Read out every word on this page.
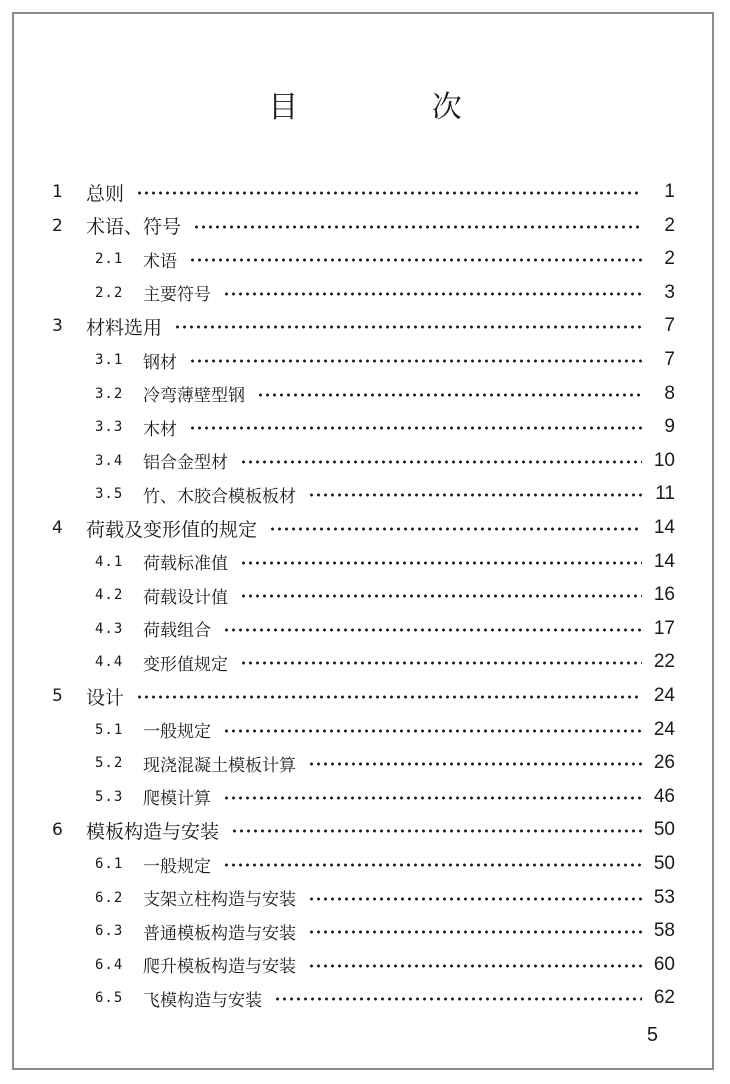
目 次
1	总则	1
2	术语、符号	2
2.1	术语	2
2.2	主要符号	3
3	材料选用	7
3.1	钢材	7
3.2	冷弯薄壁型钢	8
3.3	木材	9
3.4	铝合金型材	10
3.5	竹、木胶合模板板材	11
4	荷载及变形值的规定	14
4.1	荷载标准值	14
4.2	荷载设计值	16
4.3	荷载组合	17
4.4	变形值规定	22
5	设计	24
5.1	一般规定	24
5.2	现浇混凝土模板计算	26
5.3	爬模计算	46
6	模板构造与安装	50
6.1	一般规定	50
6.2	支架立柱构造与安装	53
6.3	普通模板构造与安装	58
6.4	爬升模板构造与安装	60
6.5	飞模构造与安装	62
5
